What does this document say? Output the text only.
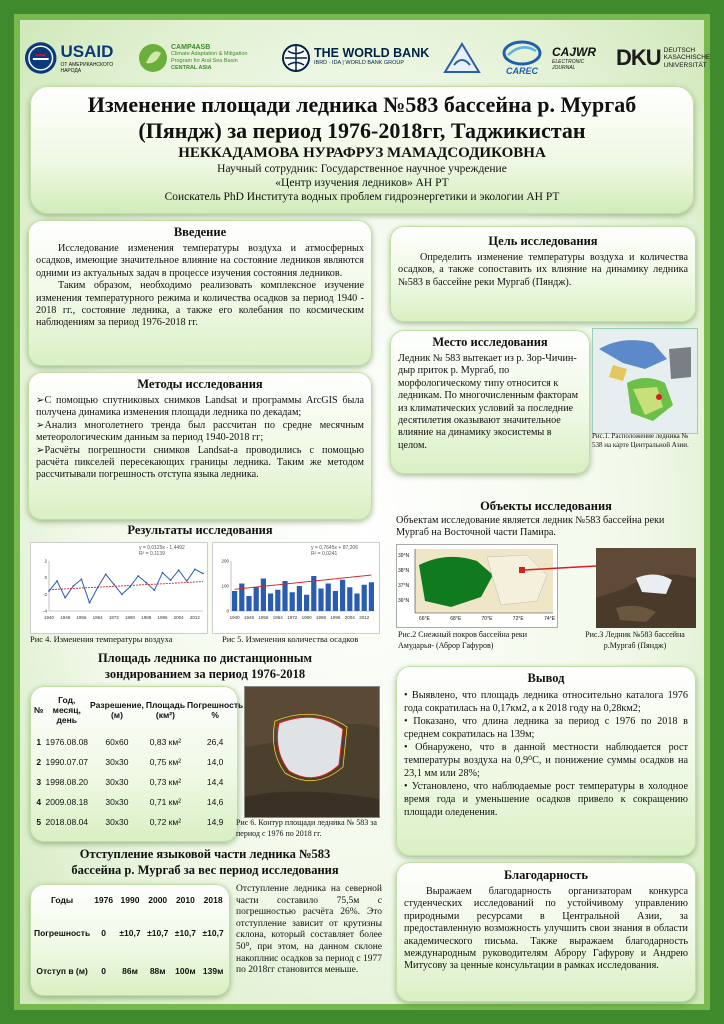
USAID
ОТ АМЕРИКАНСКОГО НАРОДА
CAMP4ASB
Climate Adaptation & Mitigation
Program for Aral Sea Basin
CENTRAL ASIA
THE WORLD BANK
IBRD · IDA | WORLD BANK GROUP
CAREC
CAJWR
ELECTRONIC JOURNAL	DKU DEUTSCH
KASACHISCHE
UNIVERSITÄT
Изменение площади ледника №583 бассейна р. Мургаб
(Пяндж) за период 1976-2018гг, Таджикистан
НЕККАДАМОВА НУРАФРУЗ МАМАДСОДИКОВНА
Научный сотрудник: Государственное научное учреждение
«Центр изучения ледников» АН РТ
Соискатель PhD Института водных проблем гидроэнергетики и экологии АН РТ
Введение

Исследование изменения температуры воздуха и атмосферных осадков, имеющие значительное влияние на состояние ледников являются одними из актуальных задач в процессе изучения состояния ледников.

Таким образом, необходимо реализовать комплексное изучение изменения температурного режима и количества осадков за период 1940 - 2018 гг., состояние ледника, а также его колебания по космическим наблюдениям за период 1976-2018 гг.

Методы исследования
➢С помощью спутниковых снимков Landsat и программы ArcGIS была получена динамика изменения площади ледника по декадам;
➢Анализ многолетнего тренда был рассчитан по средне месячным метеорологическим данным за период 1940-2018 гг;
➢Расчёты погрешности снимков Landsat-а проводились с помощью расчёта пикселей пересекающих границы ледника. Таким же методом рассчитывали погрешность отступа языка ледника.
Цель исследования

Определить изменение температуры воздуха и количества осадков, а также сопоставить их влияние на динамику ледника №583 в бассейне реки Мургаб (Пяндж).

Место исследования
Ледник № 583 вытекает из р. Зор-Чичин-дыр приток р. Мургаб, по морфологическому типу относится к ледникам. По многочисленным факторам из климатических условий за последние десятилетия оказывают значительное влияние на динамику экосистемы в целом.
Рис.1. Расположение ледника № 538 на карте Центральной Азии.
Объекты исследования
Объектам исследование является ледник №583 бассейна реки Мургаб на Восточной части Памира.
39°N
38°N
37°N
36°N
66°E	68°E	70°E	72°E	74°E
Рис.2 Снежный покров бассейна реки Амударья- (Аброр Гафуров)
Рис.3 Ледник №583 бассейна р.Мургаб (Пяндж)
Результаты исследования
1940 1948 1956 1964 1972 1980 1988 1996 2004 2012
-4
-2
0
2
y = 0,0129x - 1,4492
R² = 0,1139
1940 1948 1956 1964 1972 1980 1988 1996 2004 2012
0
100
200
y = 0,7645x + 87,206
R² = 0,0241
Рис 4. Изменения температуры воздуха	Рис 5. Изменения количества осадков
Площадь ледника по дистанционным
зондированием за период 1976-2018
№	Год, месяц, день	Разрешение, (м)	Площадь (км²)	Погрешность %
1	1976.08.08	60x60	0,83 км²	26,4
2	1990.07.07	30x30	0,75 км²	14,0
3	1998.08.20	30x30	0,73 км²	14,4
4	2009.08.18	30x30	0,71 км²	14,6
5	2018.08.04	30x30	0,72 км²	14,9 Рис 6. Контур площади ледника № 583 за период с 1976 по 2018 гг.
Отступление языковой части ледника №583
бассейна р. Мургаб за вес период исследования
Годы	1976	1990	2000	2010	2018
Погрешность	0	±10,7	±10,7	±10,7	±10,7
Отступ в (м)	0	86м	88м	100м	139м
Отступление ледника на северной части составило 75,5м с погрешностью расчёта 26%. Это отступление зависит от крутизны склона, который составляет более 50⁰, при этом, на данном склоне накоплнис осадков за период с 1977 по 2018гг становится меньше.
Вывод
• Выявлено, что площадь ледника относительно каталога 1976 года сократилась на 0,17км2, а к 2018 году на 0,28км2;
• Показано, что длина ледника за период с 1976 по 2018 в среднем сократилась на 139м;
• Обнаружено, что в данной местности наблюдается рост температуры воздуха на 0,9⁰С, и понижение суммы осадков на 23,1 мм или 28%;
• Установлено, что наблюдаемые рост температуры в холодное время года и уменьшение осадков привело к сокращению площади оледенения.
Благодарность

Выражаем благодарность организаторам конкурса студенческих исследований по устойчивому управлению природными ресурсами в Центральной Азии, за предоставленную возможность улучшить свои знания в области академического письма. Также выражаем благодарность международным руководителям Аброру Гафурову и Андрею Митусову за ценные консультации в рамках исследования.
